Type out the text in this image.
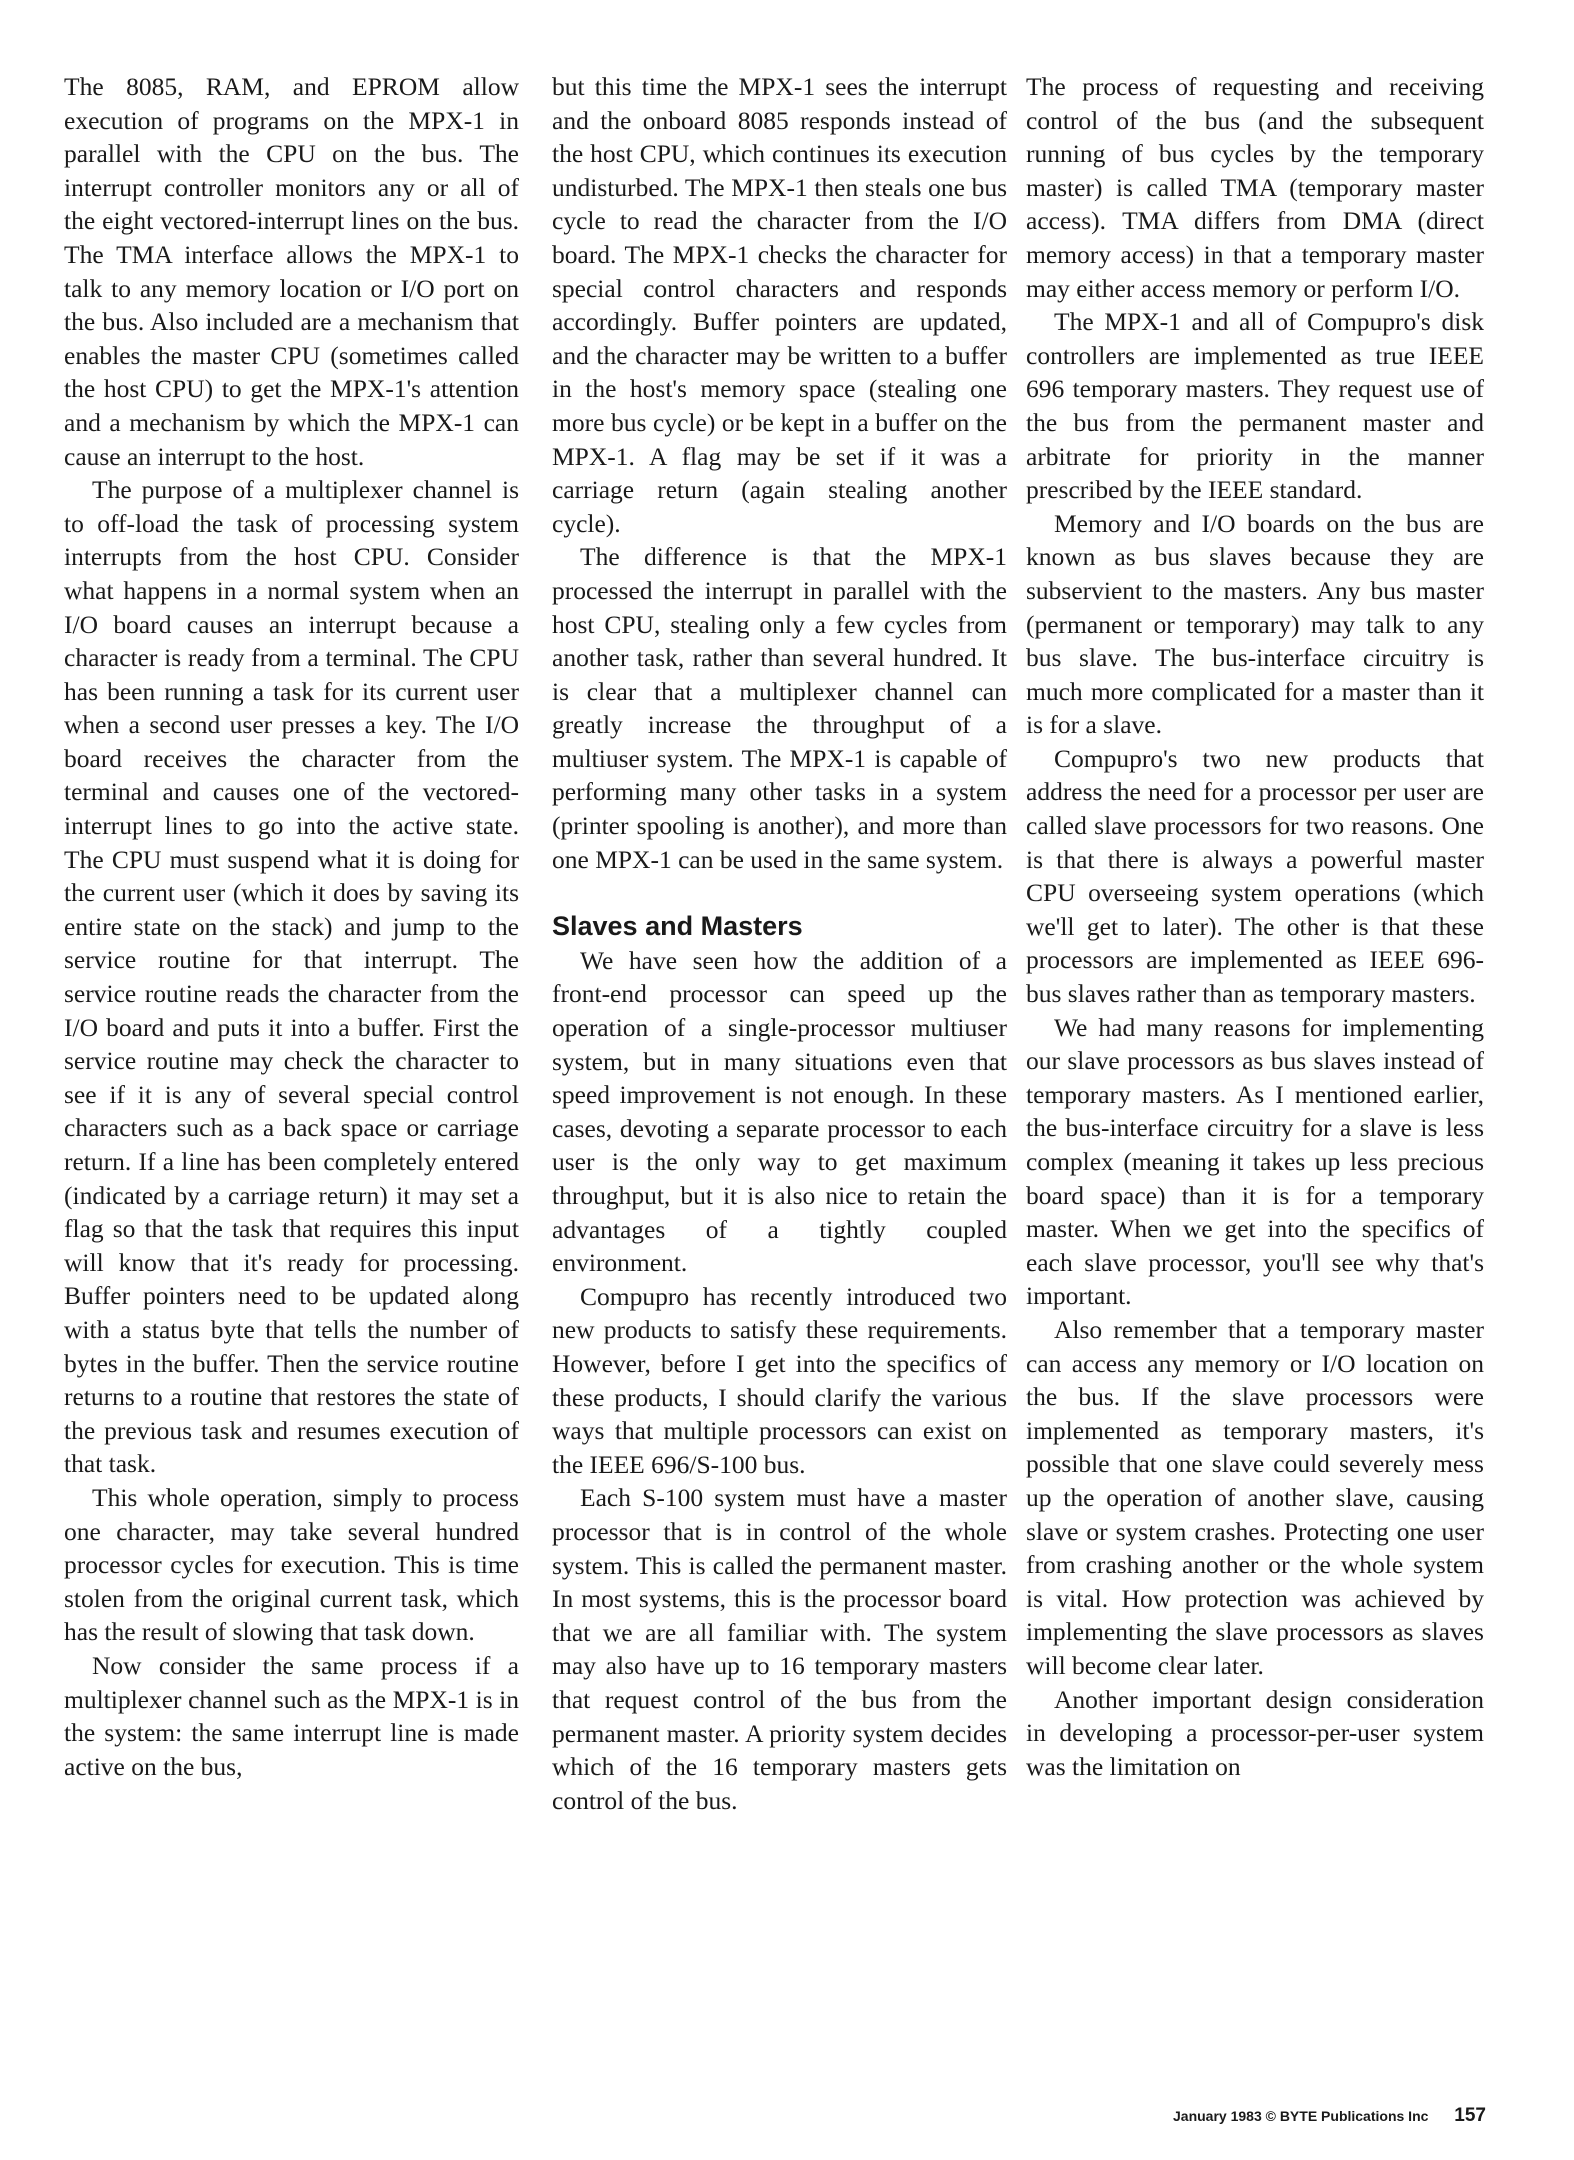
The 8085, RAM, and EPROM allow execution of programs on the MPX-1 in parallel with the CPU on the bus. The interrupt controller monitors any or all of the eight vectored-interrupt lines on the bus. The TMA interface allows the MPX-1 to talk to any memory location or I/O port on the bus. Also included are a mechanism that enables the master CPU (sometimes called the host CPU) to get the MPX-1's attention and a mechanism by which the MPX-1 can cause an interrupt to the host.

The purpose of a multiplexer channel is to off-load the task of processing system interrupts from the host CPU. Consider what happens in a normal system when an I/O board causes an interrupt because a character is ready from a terminal. The CPU has been running a task for its current user when a second user presses a key. The I/O board receives the character from the terminal and causes one of the vectored-interrupt lines to go into the active state. The CPU must suspend what it is doing for the current user (which it does by saving its entire state on the stack) and jump to the service routine for that interrupt. The service routine reads the character from the I/O board and puts it into a buffer. First the service routine may check the character to see if it is any of several special control characters such as a back space or carriage return. If a line has been completely entered (indicated by a carriage return) it may set a flag so that the task that requires this input will know that it's ready for processing. Buffer pointers need to be updated along with a status byte that tells the number of bytes in the buffer. Then the service routine returns to a routine that restores the state of the previous task and resumes execution of that task.

This whole operation, simply to process one character, may take several hundred processor cycles for execution. This is time stolen from the original current task, which has the result of slowing that task down.

Now consider the same process if a multiplexer channel such as the MPX-1 is in the system: the same interrupt line is made active on the bus,

but this time the MPX-1 sees the interrupt and the onboard 8085 responds instead of the host CPU, which continues its execution undisturbed. The MPX-1 then steals one bus cycle to read the character from the I/O board. The MPX-1 checks the character for special control characters and responds accordingly. Buffer pointers are updated, and the character may be written to a buffer in the host's memory space (stealing one more bus cycle) or be kept in a buffer on the MPX-1. A flag may be set if it was a carriage return (again stealing another cycle).

The difference is that the MPX-1 processed the interrupt in parallel with the host CPU, stealing only a few cycles from another task, rather than several hundred. It is clear that a multiplexer channel can greatly increase the throughput of a multiuser system. The MPX-1 is capable of performing many other tasks in a system (printer spooling is another), and more than one MPX-1 can be used in the same system.

Slaves and Masters

We have seen how the addition of a front-end processor can speed up the operation of a single-processor multiuser system, but in many situations even that speed improvement is not enough. In these cases, devoting a separate processor to each user is the only way to get maximum throughput, but it is also nice to retain the advantages of a tightly coupled environment.

Compupro has recently introduced two new products to satisfy these requirements. However, before I get into the specifics of these products, I should clarify the various ways that multiple processors can exist on the IEEE 696/S-100 bus.

Each S-100 system must have a master processor that is in control of the whole system. This is called the permanent master. In most systems, this is the processor board that we are all familiar with. The system may also have up to 16 temporary masters that request control of the bus from the permanent master. A priority system decides which of the 16 temporary masters gets control of the bus.

The process of requesting and receiving control of the bus (and the subsequent running of bus cycles by the temporary master) is called TMA (temporary master access). TMA differs from DMA (direct memory access) in that a temporary master may either access memory or perform I/O.

The MPX-1 and all of Compupro's disk controllers are implemented as true IEEE 696 temporary masters. They request use of the bus from the permanent master and arbitrate for priority in the manner prescribed by the IEEE standard.

Memory and I/O boards on the bus are known as bus slaves because they are subservient to the masters. Any bus master (permanent or temporary) may talk to any bus slave. The bus-interface circuitry is much more complicated for a master than it is for a slave.

Compupro's two new products that address the need for a processor per user are called slave processors for two reasons. One is that there is always a powerful master CPU overseeing system operations (which we'll get to later). The other is that these processors are implemented as IEEE 696-bus slaves rather than as temporary masters.

We had many reasons for implementing our slave processors as bus slaves instead of temporary masters. As I mentioned earlier, the bus-interface circuitry for a slave is less complex (meaning it takes up less precious board space) than it is for a temporary master. When we get into the specifics of each slave processor, you'll see why that's important.

Also remember that a temporary master can access any memory or I/O location on the bus. If the slave processors were implemented as temporary masters, it's possible that one slave could severely mess up the operation of another slave, causing slave or system crashes. Protecting one user from crashing another or the whole system is vital. How protection was achieved by implementing the slave processors as slaves will become clear later.

Another important design consideration in developing a processor-per-user system was the limitation on

January 1983 © BYTE Publications Inc 157
